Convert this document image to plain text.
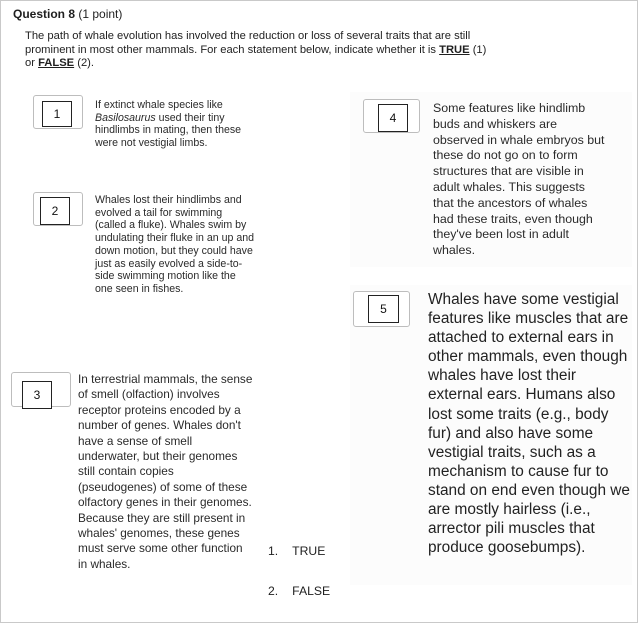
Question 8 (1 point)
The path of whale evolution has involved the reduction or loss of several traits that are still prominent in most other mammals. For each statement below, indicate whether it is TRUE (1) or FALSE (2).
1
If extinct whale species like Basilosaurus used their tiny hindlimbs in mating, then these were not vestigial limbs.
2
Whales lost their hindlimbs and evolved a tail for swimming (called a fluke). Whales swim by undulating their fluke in an up and down motion, but they could have just as easily evolved a side-to-side swimming motion like the one seen in fishes.
3
In terrestrial mammals, the sense of smell (olfaction) involves receptor proteins encoded by a number of genes. Whales don't have a sense of smell underwater, but their genomes still contain copies (pseudogenes) of some of these olfactory genes in their genomes. Because they are still present in whales' genomes, these genes must serve some other function in whales.
4
Some features like hindlimb buds and whiskers are observed in whale embryos but these do not go on to form structures that are visible in adult whales. This suggests that the ancestors of whales had these traits, even though they've been lost in adult whales.
5
Whales have some vestigial features like muscles that are attached to external ears in other mammals, even though whales have lost their external ears. Humans also lost some traits (e.g., body fur) and also have some vestigial traits, such as a mechanism to cause fur to stand on end even though we are mostly hairless (i.e., arrector pili muscles that produce goosebumps).
1. TRUE
2. FALSE
